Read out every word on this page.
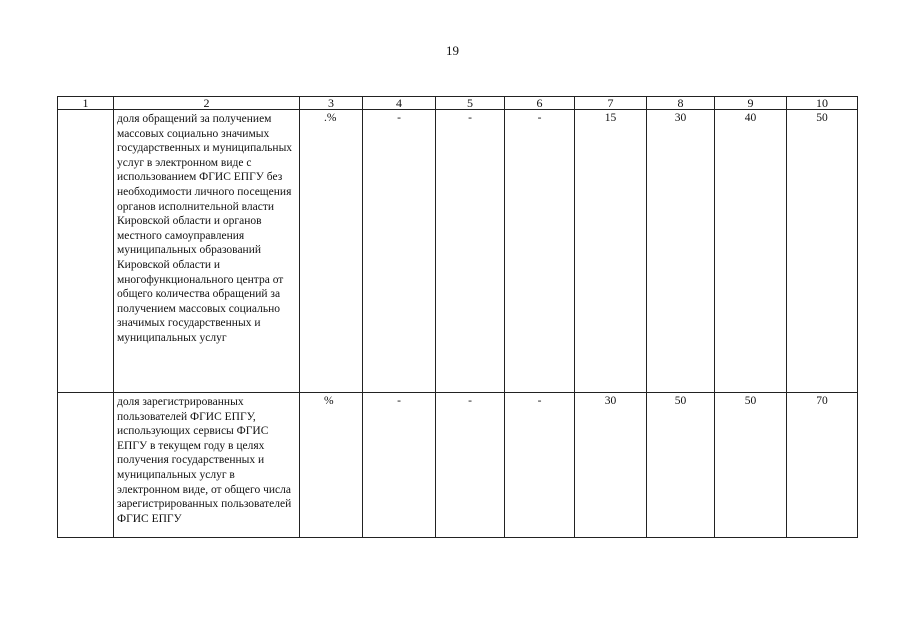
19
1	2	3	4	5	6	7	8	9	10
	доля обращений за получением массовых социально значимых государственных и муниципальных услуг в электронном виде с использованием ФГИС ЕПГУ без необходимости личного посещения органов исполнительной власти Кировской области и органов местного самоуправления муниципальных образований Кировской области и многофункционального центра от общего количества обращений за получением массовых социально значимых государственных и муниципальных услуг	.%	-	-	-	15	30	40	50
	доля зарегистрированных пользователей ФГИС ЕПГУ, использующих сервисы ФГИС ЕПГУ в текущем году в целях получения государственных и муниципальных услуг в электронном виде, от общего числа зарегистрированных пользователей ФГИС ЕПГУ	%	-	-	-	30	50	50	70
